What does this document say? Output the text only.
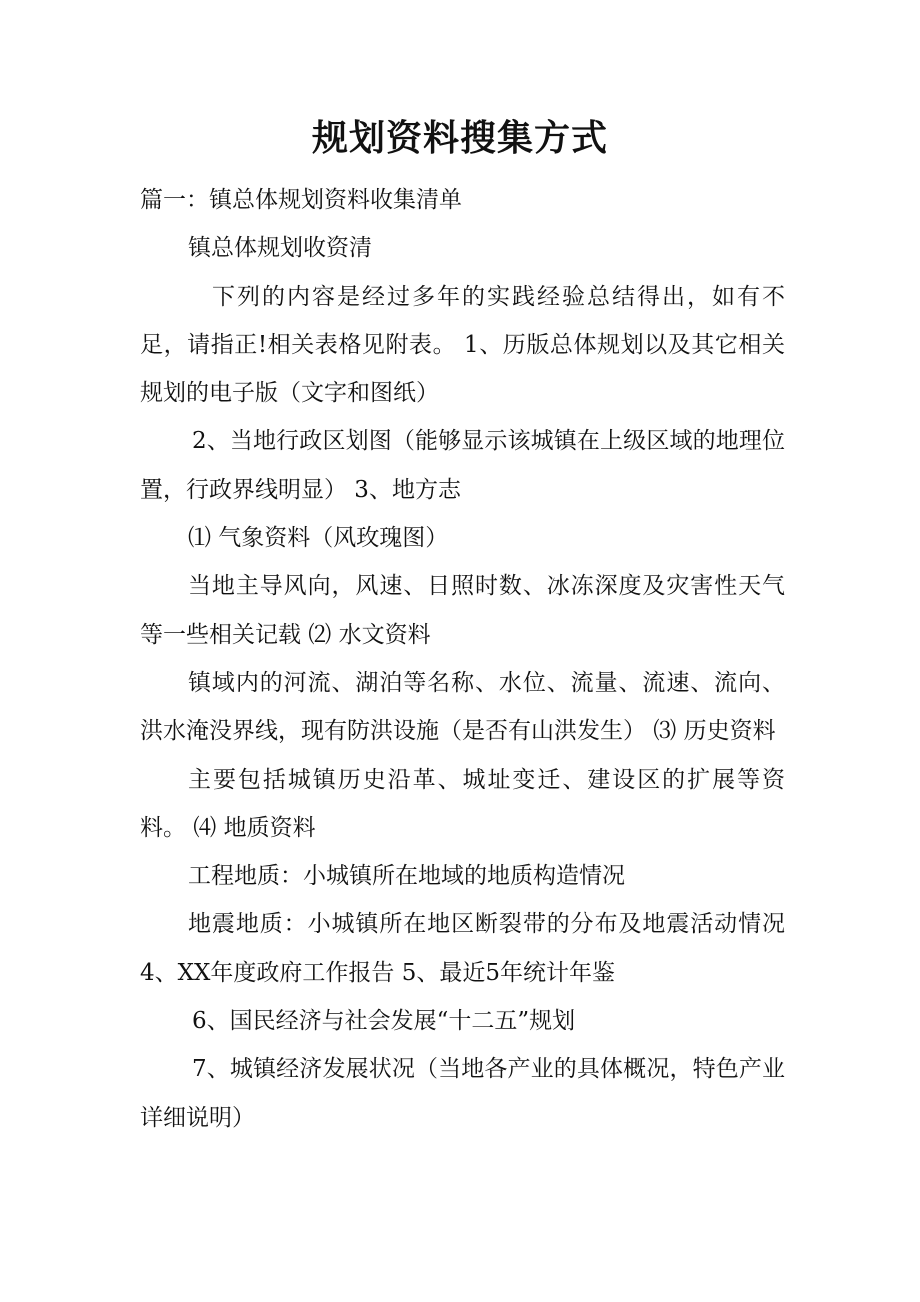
规划资料搜集方式

篇一：镇总体规划资料收集清单

镇总体规划收资清

下列的内容是经过多年的实践经验总结得出，如有不足，请指正!相关表格见附表。 1、历版总体规划以及其它相关规划的电子版（文字和图纸）

2、当地行政区划图（能够显示该城镇在上级区域的地理位置，行政界线明显） 3、地方志

⑴ 气象资料（风玫瑰图）

当地主导风向，风速、日照时数、冰冻深度及灾害性天气等一些相关记载 ⑵ 水文资料

镇域内的河流、湖泊等名称、水位、流量、流速、流向、洪水淹没界线，现有防洪设施（是否有山洪发生） ⑶ 历史资料

主要包括城镇历史沿革、城址变迁、建设区的扩展等资料。 ⑷ 地质资料

工程地质：小城镇所在地域的地质构造情况

地震地质：小城镇所在地区断裂带的分布及地震活动情况 4、XX年度政府工作报告 5、最近5年统计年鉴

6、国民经济与社会发展“十二五”规划

7、城镇经济发展状况（当地各产业的具体概况，特色产业详细说明）
